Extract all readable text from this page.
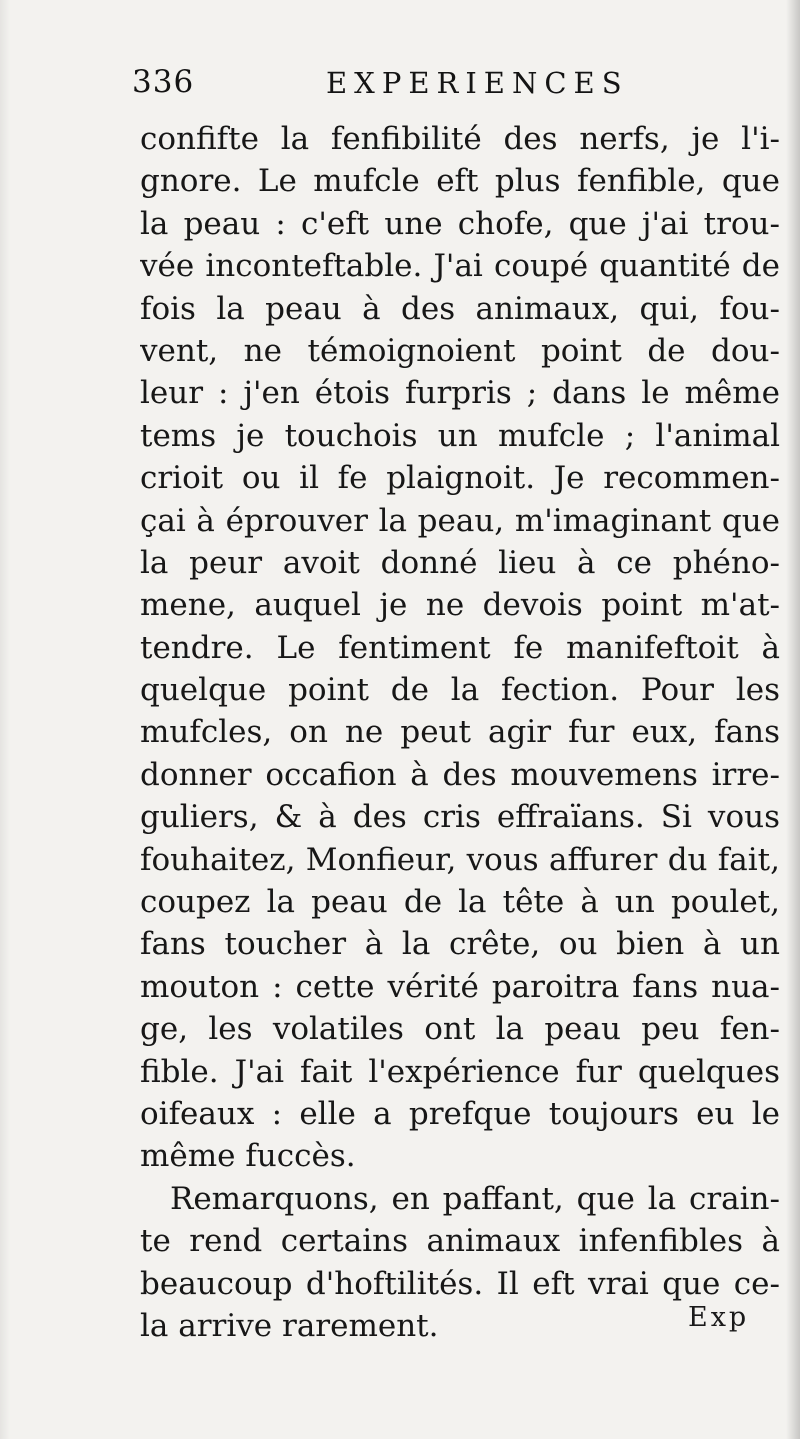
336	EXPERIENCES
confifte la fenfibilité des nerfs, je l'i-
gnore. Le mufcle eft plus fenfible, que
la peau : c'eft une chofe, que j'ai trou-
vée inconteftable. J'ai coupé quantité de
fois la peau à des animaux, qui, fou-
vent, ne témoignoient point de dou-
leur : j'en étois furpris ; dans le même
tems je touchois un mufcle ; l'animal
crioit ou il fe plaignoit. Je recommen-
çai à éprouver la peau, m'imaginant que
la peur avoit donné lieu à ce phéno-
mene, auquel je ne devois point m'at-
tendre. Le fentiment fe manifeftoit à
quelque point de la fection. Pour les
mufcles, on ne peut agir fur eux, fans
donner occafion à des mouvemens irre-
guliers, & à des cris effraïans. Si vous
fouhaitez, Monfieur, vous affurer du fait,
coupez la peau de la tête à un poulet,
fans toucher à la crête, ou bien à un
mouton : cette vérité paroitra fans nua-
ge, les volatiles ont la peau peu fen-
fible. J'ai fait l'expérience fur quelques
oifeaux : elle a prefque toujours eu le
même fuccès.
Remarquons, en paffant, que la crain-
te rend certains animaux infenfibles à
beaucoup d'hoftilités. Il eft vrai que ce-
la arrive rarement.	Exp
